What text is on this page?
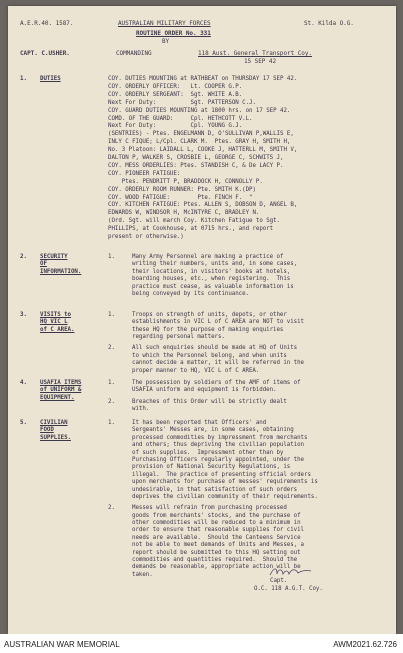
A.E.R.40. 1587.	AUSTRALIAN MILITARY FORCES	St. Kilda O.G.
ROUTINE ORDER No. 331
BY
CAPT. C.USHER.	COMMANDING	118 Aust. General Transport Coy.
15 SEP 42
1. DUTIES	COY. DUTIES MOUNTING at RATHBEAT on THURSDAY 17 SEP 42.
COY. ORDERLY OFFICER:   Lt. COOPER G.P.
COY. ORDERLY SERGEANT:  Sgt. WHITE A.B.
Next For Duty:          Sgt. PATTERSON C.J.
COY. GUARD DUTIES MOUNTING at 1800 hrs. on 17 SEP 42.
COMD. OF THE GUARD:     Cpl. HETHCOTT V.L.
Next For Duty:          Cpl. YOUNG G.J.
(SENTRIES) - Ptes. ENGELMANN D, O'SULLIVAN P,WALLIS E,
INLY C FIQUE; L/Cpl. CLARK M.  Ptes. GRAY H, SMITH H,
No. 3 Platoon: LAIDALL L, COOKE J, HATTERLL M, SMITH V,
DALTON P, WALKER S, CROSBIE L, GEORGE C, SCHWITS J,
COY. MESS ORDERLIES: Ptes. STANDISH C, & De LACY P.
COY. PIONEER FATIGUE:
Ptes. PENDRITT P, BRADDOCK H, CONNOLLY P.
COY. ORDERLY ROOM RUNNER: Pte. SMITH K.(DP)
COY. WOOD FATIGUE:        Pte. FINCH F.  "
COY. KITCHEN FATIGUE: Ptes. ALLEN S, DOBSON D, ANGEL B,
EDWARDS W, WINDSOR H, McINTYRE C, BRADLEY N.
(Ord. Sgt. will march Coy. Kitchen Fatigue to Sgt.
PHILLIPS, at Cookhouse, at 0715 hrs., and report
present or otherwise.)
2. SECURITY
OF
INFORMATION.
1.	Many Army Personnel are making a practice of
writing their numbers, units and, in some cases,
their locations, in visitors' books at hotels,
boarding houses, etc., when registering.  This
practice must cease, as valuable information is
being conveyed by its continuance.
3. VISITS to
HQ VIC L
of C AREA.
1.	Troops on strength of units, depots, or other
establishments in VIC L of C AREA are NOT to visit
these HQ for the purpose of making enquiries
regarding personal matters.
2.	All such enquiries should be made at HQ of Units
to which the Personnel belong, and when units
cannot decide a matter, it will be referred in the
proper manner to HQ, VIC L of C AREA.
4. USAFIA ITEMS
of UNIFORM &
EQUIPMENT.
1.	The possession by soldiers of the AMF of items of
USAFIA uniform and equipment is forbidden.
2.	Breaches of this Order will be strictly dealt
with.
5. CIVILIAN
FOOD
SUPPLIES.
1.	It has been reported that Officers' and
Sergeants' Messes are, in some cases, obtaining
processed commodities by impressment from merchants
and others; thus depriving the civilian population
of such supplies.  Impressment other than by
Purchasing Officers regularly appointed, under the
provision of National Security Regulations, is
illegal.  The practice of presenting official orders
upon merchants for purchase of messes' requirements is
undesirable, in that satisfaction of such orders
deprives the civilian community of their requirements.
2.	Messes will refrain from purchasing processed
goods from merchants' stocks, and the purchase of
other commodities will be reduced to a minimum in
order to ensure that reasonable supplies for civil
needs are available.  Should the Canteens Service
not be able to meet demands of Units and Messes, a
report should be submitted to this HQ setting out
commodities and quantities required.  Should the
demands be reasonable, appropriate action will be
taken.
Capt.
O.C. 118 A.G.T. Coy.
AUSTRALIAN WAR MEMORIAL	AWM2021.62.726
